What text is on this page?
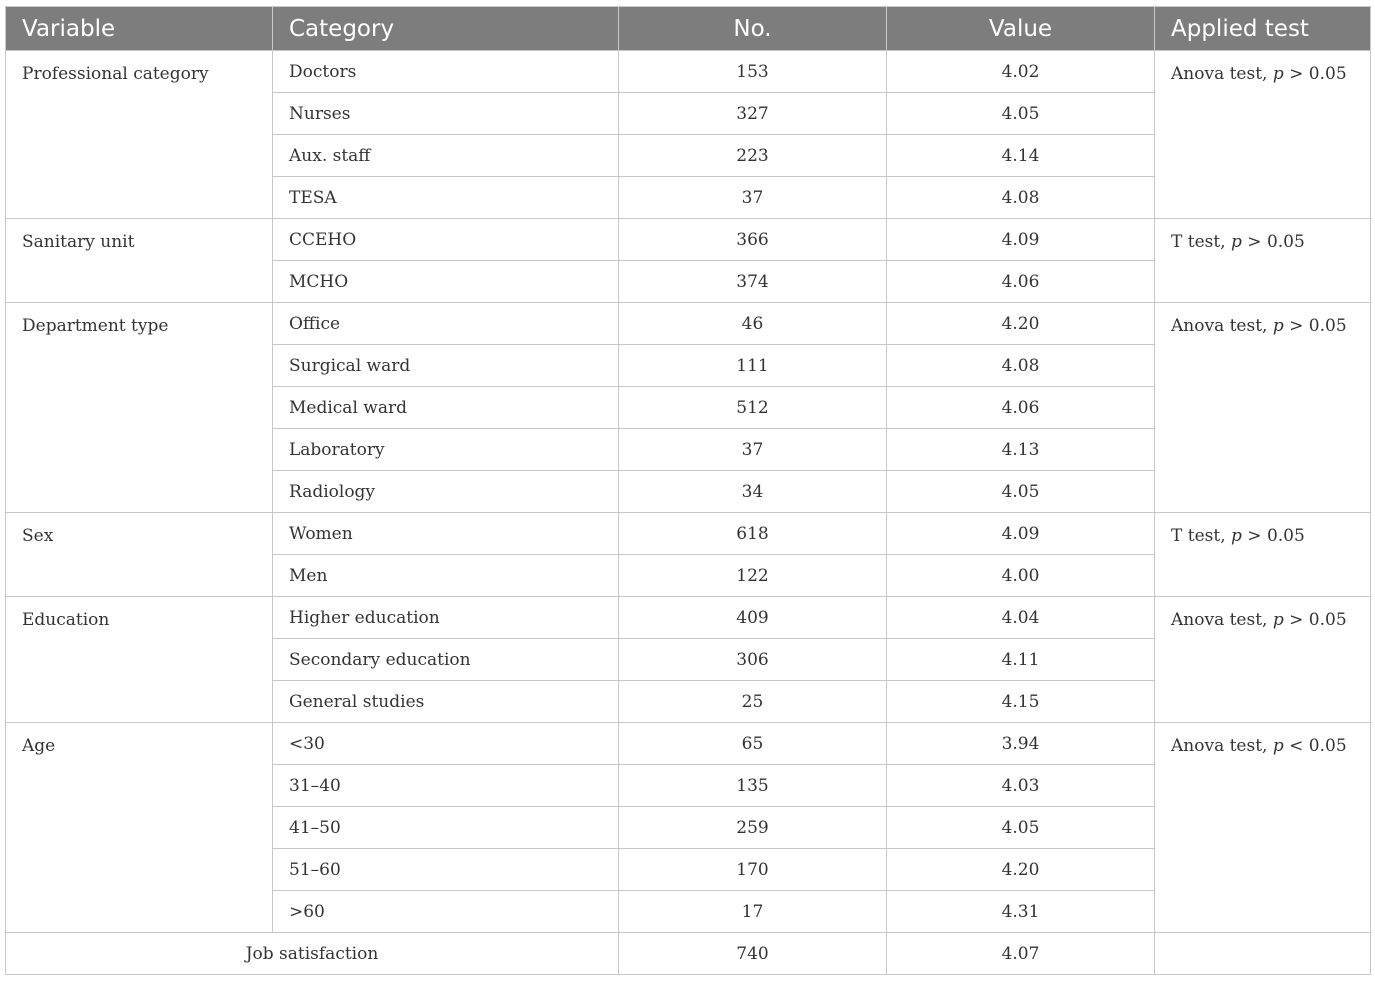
Variable	Category	No.	Value	Applied test
Professional category	Doctors	153	4.02	Anova test, p > 0.05
	Nurses	327	4.05	
	Aux. staff	223	4.14	
	TESA	37	4.08	
Sanitary unit	CCEHO	366	4.09	T test, p > 0.05
	MCHO	374	4.06	
Department type	Office	46	4.20	Anova test, p > 0.05
	Surgical ward	111	4.08	
	Medical ward	512	4.06	
	Laboratory	37	4.13	
	Radiology	34	4.05	
Sex	Women	618	4.09	T test, p > 0.05
	Men	122	4.00	
Education	Higher education	409	4.04	Anova test, p > 0.05
	Secondary education	306	4.11	
	General studies	25	4.15	
Age	<30	65	3.94	Anova test, p < 0.05
	31–40	135	4.03	
	41–50	259	4.05	
	51–60	170	4.20	
	>60	17	4.31	
Job satisfaction		740	4.07	
